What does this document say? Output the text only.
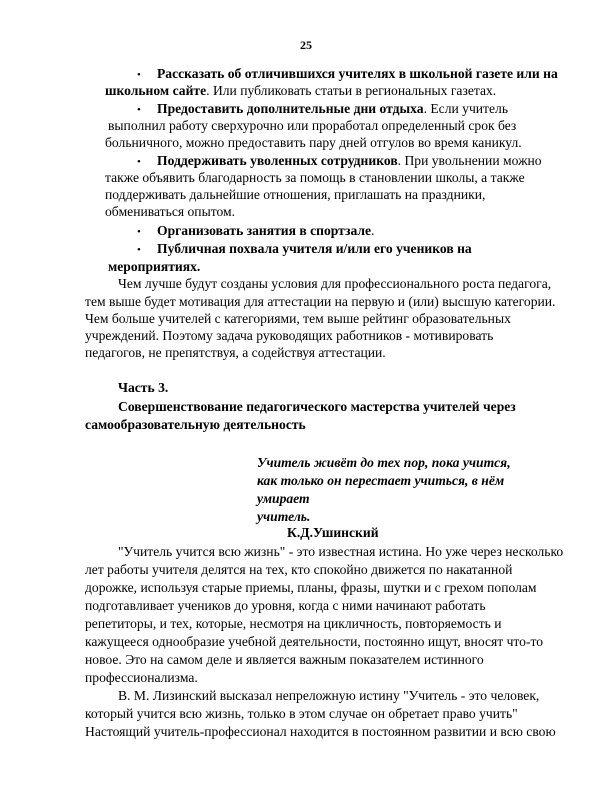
25
• Рассказать об отличившихся учителях в школьной газете или на
школьном сайте. Или публиковать статьи в региональных газетах.
• Предоставить дополнительные дни отдыха. Если учитель
выполнил работу сверхурочно или проработал определенный срок без
больничного, можно предоставить пару дней отгулов во время каникул.
• Поддерживать уволенных сотрудников. При увольнении можно
также объявить благодарность за помощь в становлении школы, а также
поддерживать дальнейшие отношения, приглашать на праздники,
обмениваться опытом.
• Организовать занятия в спортзале.
• Публичная похвала учителя и/или его учеников на
мероприятиях.
Чем лучше будут созданы условия для профессионального роста педагога,
тем выше будет мотивация для аттестации на первую и (или) высшую категории.
Чем больше учителей с категориями, тем выше рейтинг образовательных
учреждений. Поэтому задача руководящих работников - мотивировать
педагогов, не препятствуя, а содействуя аттестации.
Часть 3.
Совершенствование педагогического мастерства учителей через
самообразовательную деятельность
Учитель живёт до тех пор, пока учится,
как только он перестает учиться, в нём
умирает
учитель.
К.Д.Ушинский
"Учитель учится всю жизнь" - это известная истина. Но уже через несколько
лет работы учителя делятся на тех, кто спокойно движется по накатанной
дорожке, используя старые приемы, планы, фразы, шутки и с грехом пополам
подготавливает учеников до уровня, когда с ними начинают работать
репетиторы, и тех, которые, несмотря на цикличность, повторяемость и
кажущееся однообразие учебной деятельности, постоянно ищут, вносят что-то
новое. Это на самом деле и является важным показателем истинного
профессионализма.
В. М. Лизинский высказал непреложную истину "Учитель - это человек,
который учится всю жизнь, только в этом случае он обретает право учить"
Настоящий учитель-профессионал находится в постоянном развитии и всю свою
